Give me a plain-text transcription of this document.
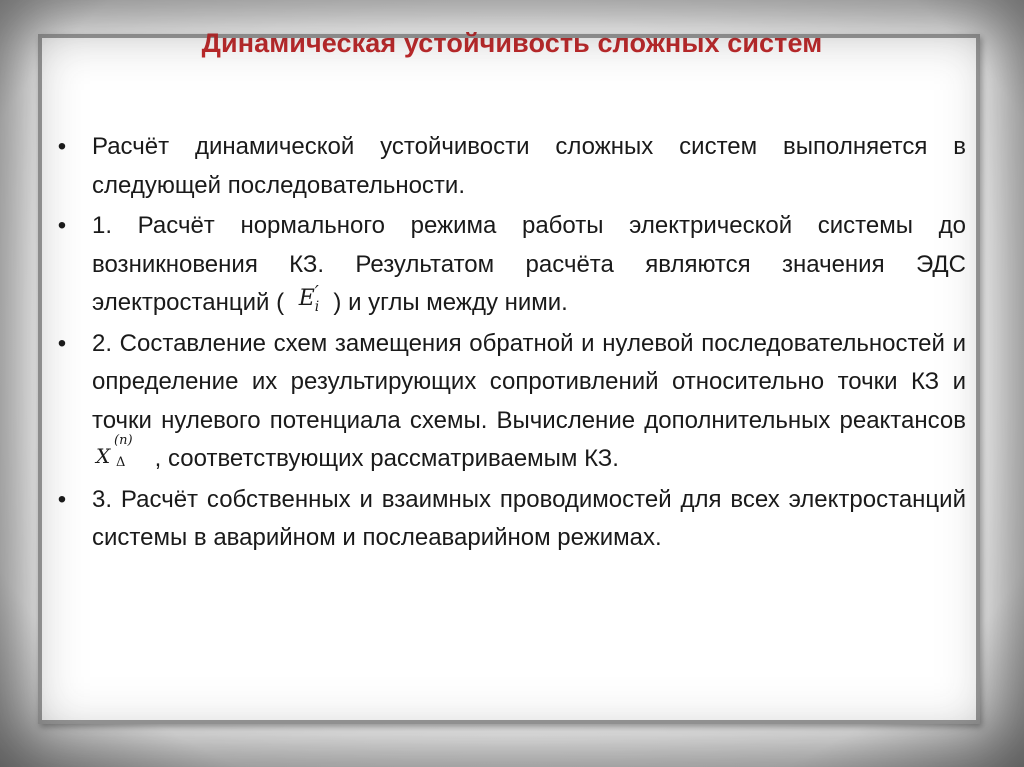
Динамическая устойчивость сложных систем
• Расчёт динамической устойчивости сложных систем выполняется в следующей последовательности.
• 1. Расчёт нормального режима работы электрической системы до возникновения КЗ. Результатом расчёта являются значения ЭДС электростанций ( E ′
i ) и углы между ними.
• 2. Составление схем замещения обратной и нулевой последовательностей и определение их результирующих сопротивлений относительно точки КЗ и точки нулевого потенциала схемы. Вычисление дополнительных реактансов
X
(n)
Δ , соответствующих рассматриваемым КЗ.
• 3. Расчёт собственных и взаимных проводимостей для всех электростанций системы в аварийном и послеаварийном режимах.
